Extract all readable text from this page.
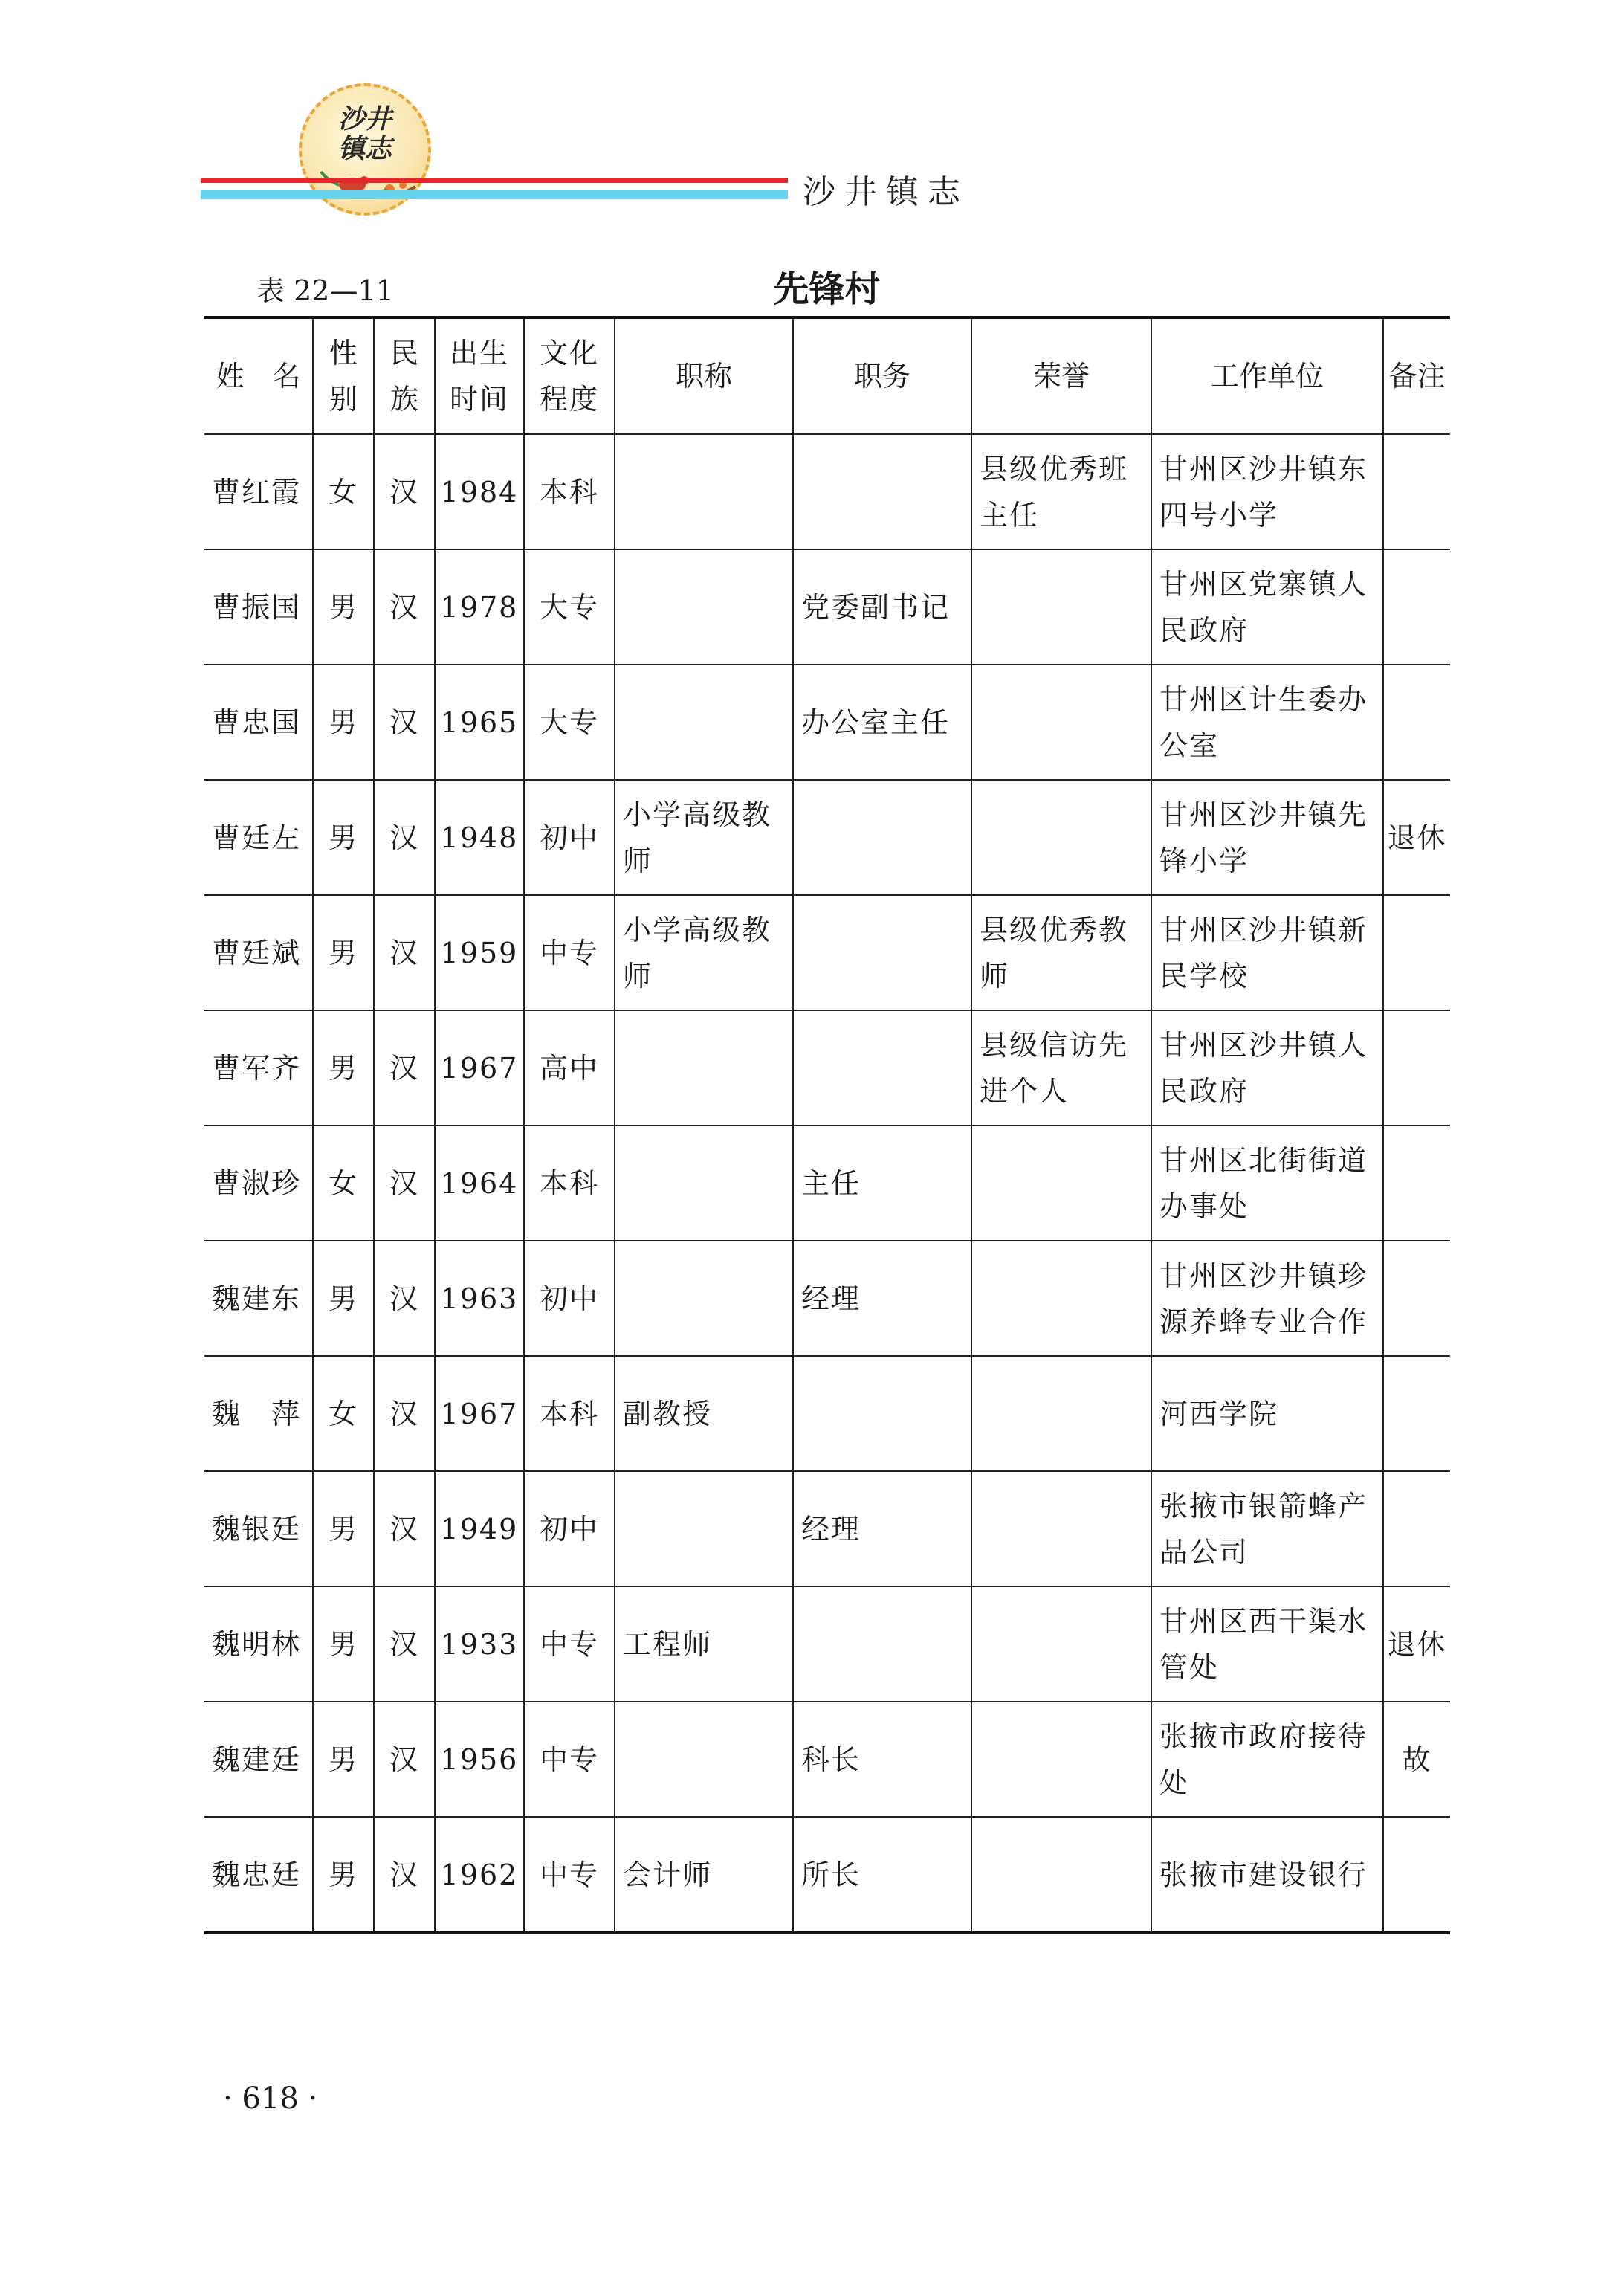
沙井
镇志
沙井镇志
表 22—11	先锋村
姓　名	性别	民族	出生时间	文化程度	职称	职务	荣誉	工作单位	备注

曹红霞	女	汉	1984	本科			县级优秀班主任	甘州区沙井镇东四号小学	

曹振国	男	汉	1978	大专		党委副书记		甘州区党寨镇人民政府	

曹忠国	男	汉	1965	大专		办公室主任		甘州区计生委办公室	

曹廷左	男	汉	1948	初中	小学高级教师			甘州区沙井镇先锋小学	退休

曹廷斌	男	汉	1959	中专	小学高级教师		县级优秀教师	甘州区沙井镇新民学校	

曹军齐	男	汉	1967	高中			县级信访先进个人	甘州区沙井镇人民政府	

曹淑珍	女	汉	1964	本科		主任		甘州区北街街道办事处	

魏建东	男	汉	1963	初中		经理		甘州区沙井镇珍源养蜂专业合作	

魏　萍	女	汉	1967	本科	副教授			河西学院	

魏银廷	男	汉	1949	初中		经理		张掖市银箭蜂产品公司	

魏明林	男	汉	1933	中专	工程师			甘州区西干渠水管处	退休

魏建廷	男	汉	1956	中专		科长		张掖市政府接待处	故

魏忠廷	男	汉	1962	中专	会计师	所长		张掖市建设银行	

· 618 ·
